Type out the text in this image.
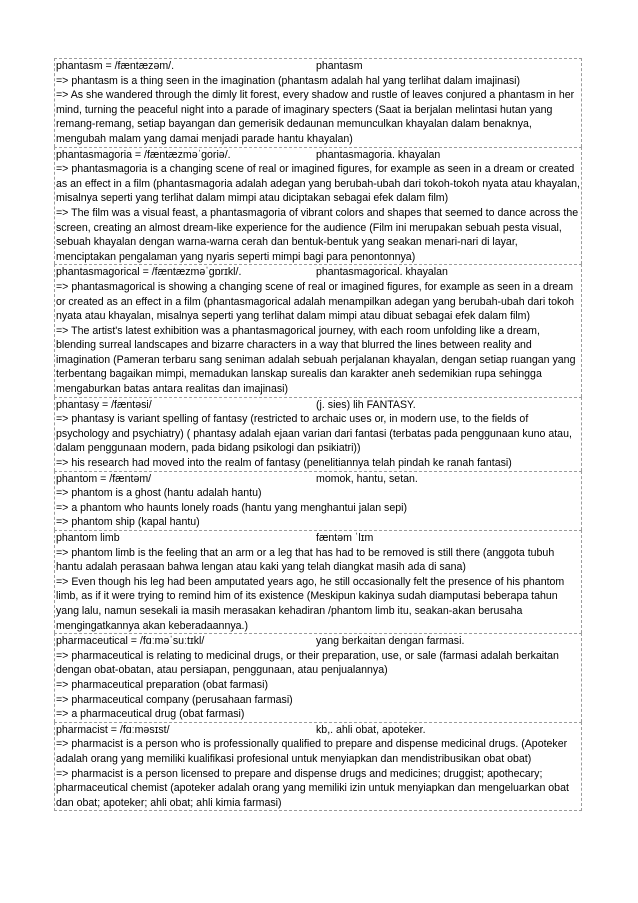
phantasm = /fæntæzəm/.	phantasm
=> phantasm is a thing seen in the imagination (phantasm adalah hal yang terlihat dalam imajinasi)
=> As she wandered through the dimly lit forest, every shadow and rustle of leaves conjured a phantasm in her mind, turning the peaceful night into a parade of imaginary specters (Saat ia berjalan melintasi hutan yang remang-remang, setiap bayangan dan gemerisik dedaunan memunculkan khayalan dalam benaknya, mengubah malam yang damai menjadi parade hantu khayalan)
phantasmagoria = /fæntæzməˈgoriə/.	phantasmagoria. khayalan
=> phantasmagoria is a changing scene of real or imagined figures, for example as seen in a dream or created as an effect in a film (phantasmagoria adalah adegan yang berubah-ubah dari tokoh-tokoh nyata atau khayalan, misalnya seperti yang terlihat dalam mimpi atau diciptakan sebagai efek dalam film)
=> The film was a visual feast, a phantasmagoria of vibrant colors and shapes that seemed to dance across the screen, creating an almost dream-like experience for the audience (Film ini merupakan sebuah pesta visual, sebuah khayalan dengan warna-warna cerah dan bentuk-bentuk yang seakan menari-nari di layar, menciptakan pengalaman yang nyaris seperti mimpi bagi para penontonnya)
phantasmagorical = /fæntæzməˈgɒrɪkl/.	phantasmagorical. khayalan
=> phantasmagorical is showing a changing scene of real or imagined figures, for example as seen in a dream or created as an effect in a film (phantasmagorical adalah menampilkan adegan yang berubah-ubah dari tokoh nyata atau khayalan, misalnya seperti yang terlihat dalam mimpi atau dibuat sebagai efek dalam film)
=> The artist's latest exhibition was a phantasmagorical journey, with each room unfolding like a dream, blending surreal landscapes and bizarre characters in a way that blurred the lines between reality and imagination (Pameran terbaru sang seniman adalah sebuah perjalanan khayalan, dengan setiap ruangan yang terbentang bagaikan mimpi, memadukan lanskap surealis dan karakter aneh sedemikian rupa sehingga mengaburkan batas antara realitas dan imajinasi)
phantasy = /fæntəsi/	(j. sies) lih FANTASY.
=> phantasy is variant spelling of fantasy (restricted to archaic uses or, in modern use, to the fields of psychology and psychiatry) ( phantasy adalah ejaan varian dari fantasi (terbatas pada penggunaan kuno atau, dalam penggunaan modern, pada bidang psikologi dan psikiatri))
=> his research had moved into the realm of fantasy (penelitiannya telah pindah ke ranah fantasi)
phantom = /fæntəm/	momok, hantu, setan.
=> phantom is a ghost (hantu adalah hantu)
=> a phantom who haunts lonely roads (hantu yang menghantui jalan sepi)
=> phantom ship (kapal hantu)
phantom limb	fæntəm ˈlɪm
=> phantom limb is the feeling that an arm or a leg that has had to be removed is still there (anggota tubuh hantu adalah perasaan bahwa lengan atau kaki yang telah diangkat masih ada di sana)
=> Even though his leg had been amputated years ago, he still occasionally felt the presence of his phantom limb, as if it were trying to remind him of its existence (Meskipun kakinya sudah diamputasi beberapa tahun yang lalu, namun sesekali ia masih merasakan kehadiran /phantom limb itu, seakan-akan berusaha mengingatkannya akan keberadaannya.)
pharmaceutical = /fɑːməˈsuːtɪkl/	yang berkaitan dengan farmasi.
=> pharmaceutical is relating to medicinal drugs, or their preparation, use, or sale (farmasi adalah berkaitan dengan obat-obatan, atau persiapan, penggunaan, atau penjualannya)
=> pharmaceutical preparation (obat farmasi)
=> pharmaceutical company (perusahaan farmasi)
=> a pharmaceutical drug (obat farmasi)
pharmacist = /fɑːməsɪst/	kb,. ahli obat, apoteker.
=> pharmacist is a person who is professionally qualified to prepare and dispense medicinal drugs. (Apoteker adalah orang yang memiliki kualifikasi profesional untuk menyiapkan dan mendistribusikan obat obat)
=> pharmacist is a person licensed to prepare and dispense drugs and medicines; druggist; apothecary; pharmaceutical chemist (apoteker adalah orang yang memiliki izin untuk menyiapkan dan mengeluarkan obat dan obat; apoteker; ahli obat; ahli kimia farmasi)
